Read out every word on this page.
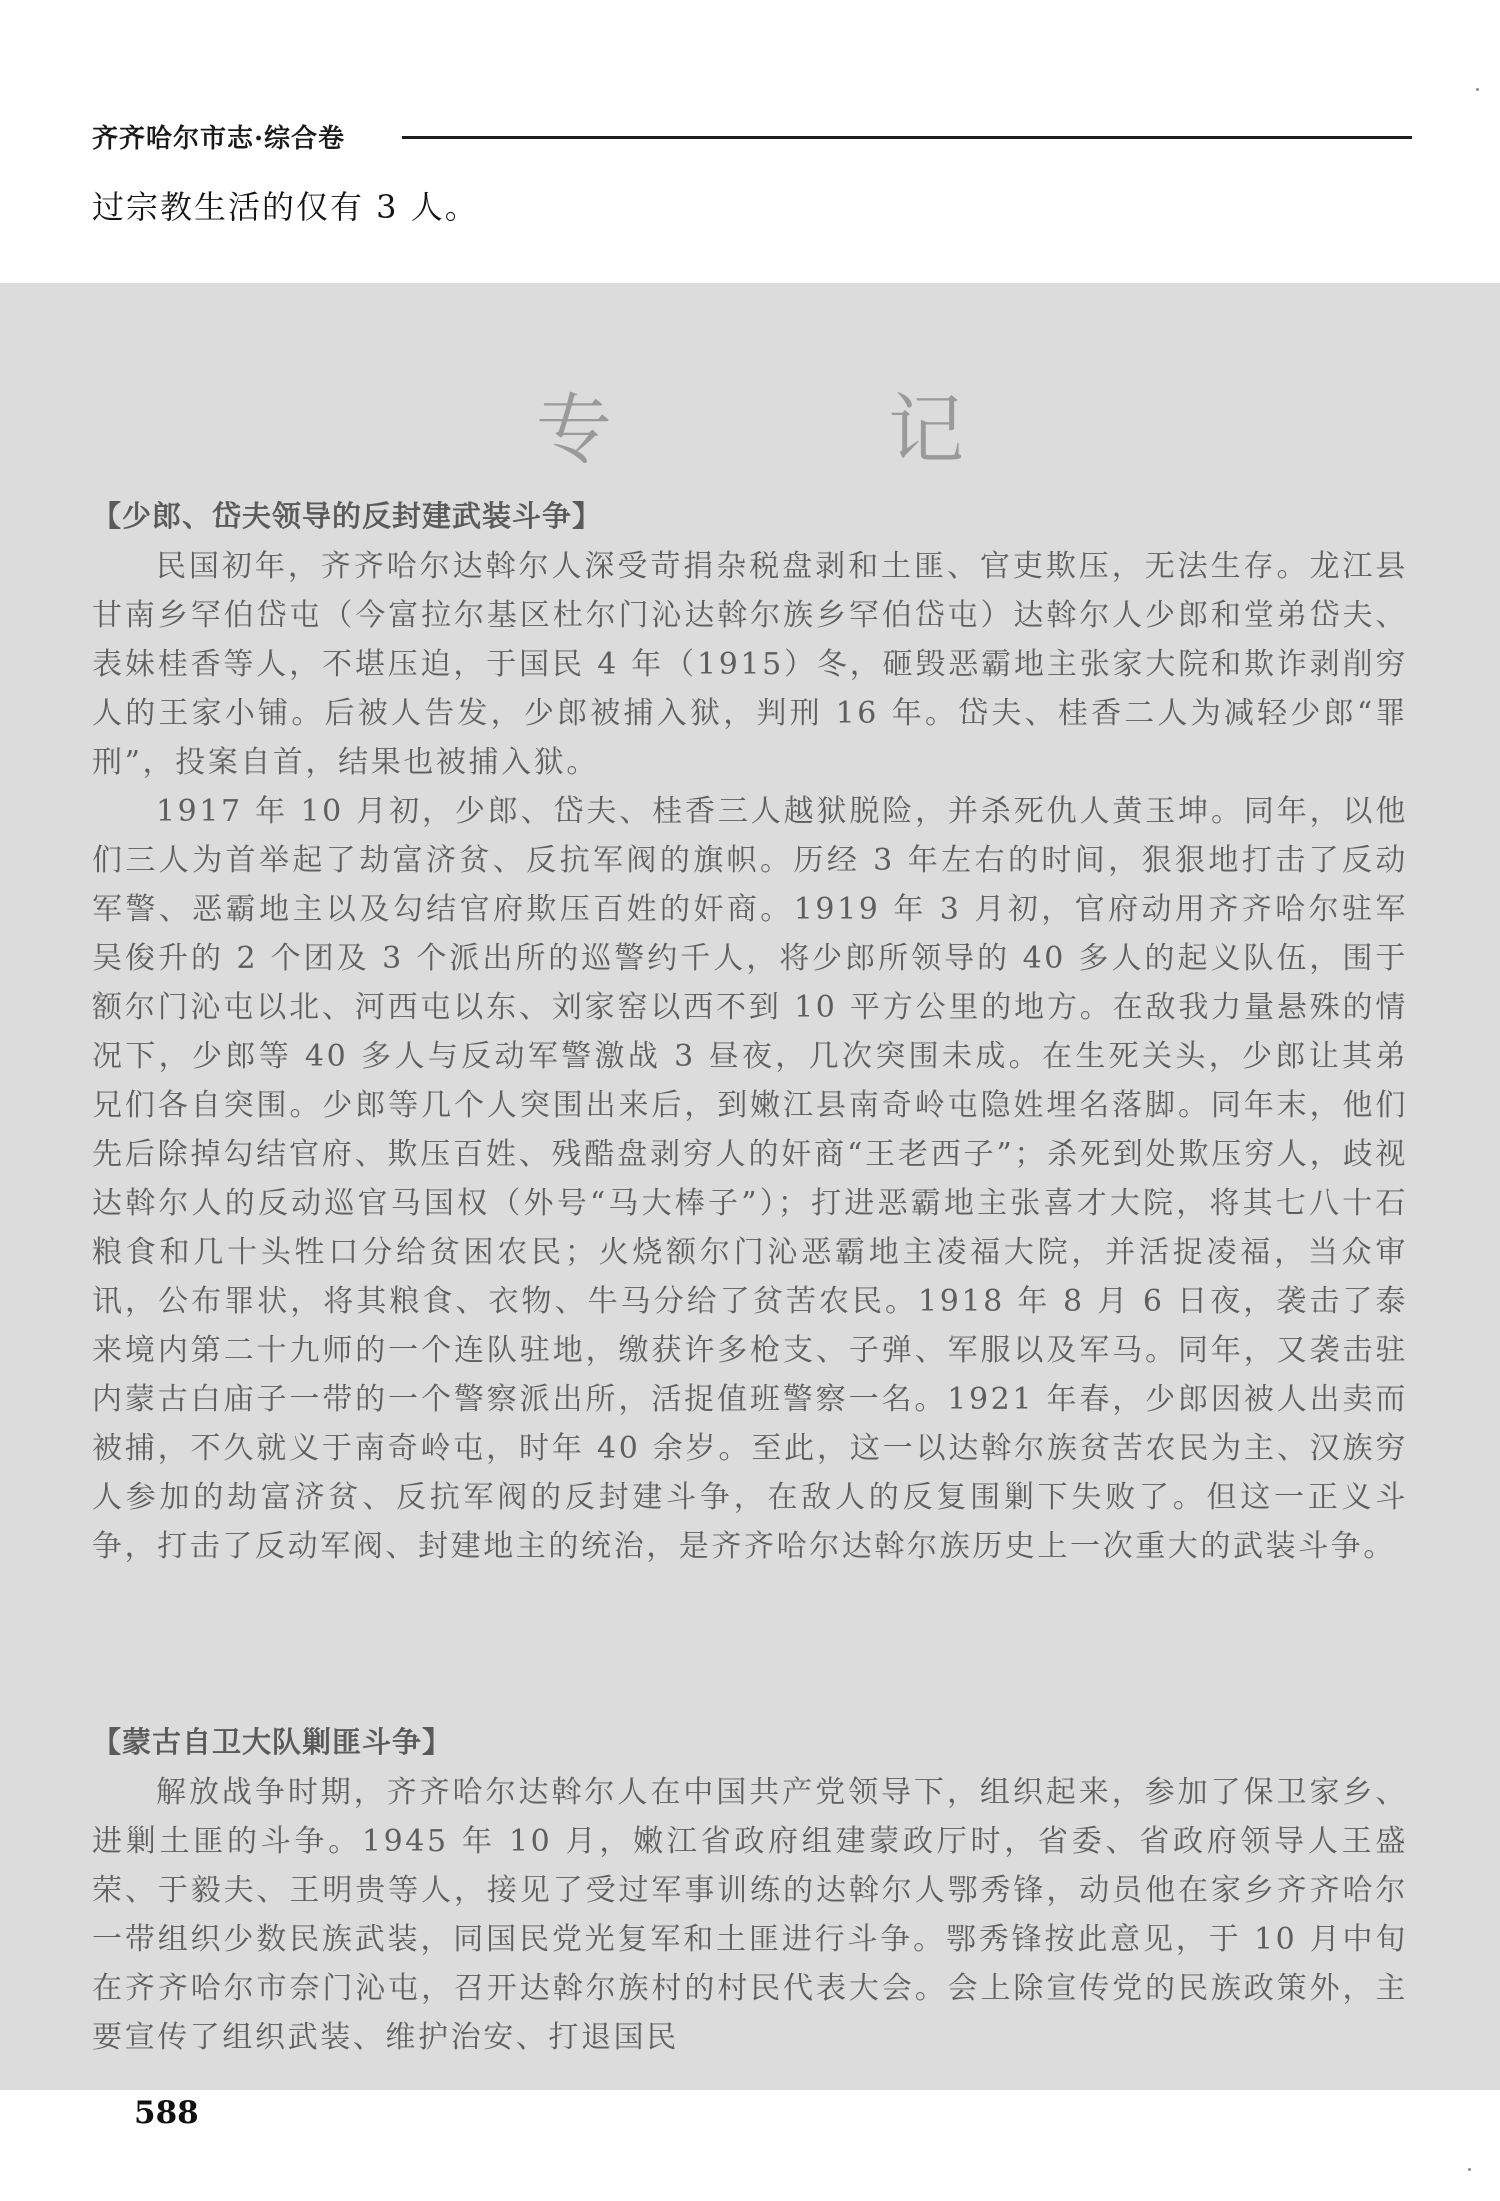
齐齐哈尔市志·综合卷
过宗教生活的仅有 3 人。
专　记
【少郎、岱夫领导的反封建武装斗争】

民国初年，齐齐哈尔达斡尔人深受苛捐杂税盘剥和土匪、官吏欺压，无法生存。龙江县甘南乡罕伯岱屯（今富拉尔基区杜尔门沁达斡尔族乡罕伯岱屯）达斡尔人少郎和堂弟岱夫、表妹桂香等人，不堪压迫，于国民 4 年（1915）冬，砸毁恶霸地主张家大院和欺诈剥削穷人的王家小铺。后被人告发，少郎被捕入狱，判刑 16 年。岱夫、桂香二人为减轻少郎“罪刑”，投案自首，结果也被捕入狱。

1917 年 10 月初，少郎、岱夫、桂香三人越狱脱险，并杀死仇人黄玉坤。同年，以他们三人为首举起了劫富济贫、反抗军阀的旗帜。历经 3 年左右的时间，狠狠地打击了反动军警、恶霸地主以及勾结官府欺压百姓的奸商。1919 年 3 月初，官府动用齐齐哈尔驻军吴俊升的 2 个团及 3 个派出所的巡警约千人，将少郎所领导的 40 多人的起义队伍，围于额尔门沁屯以北、河西屯以东、刘家窑以西不到 10 平方公里的地方。在敌我力量悬殊的情况下，少郎等 40 多人与反动军警激战 3 昼夜，几次突围未成。在生死关头，少郎让其弟兄们各自突围。少郎等几个人突围出来后，到嫩江县南奇岭屯隐姓埋名落脚。同年末，他们先后除掉勾结官府、欺压百姓、残酷盘剥穷人的奸商“王老西子”；杀死到处欺压穷人，歧视达斡尔人的反动巡官马国权（外号“马大棒子”）；打进恶霸地主张喜才大院，将其七八十石粮食和几十头牲口分给贫困农民；火烧额尔门沁恶霸地主凌福大院，并活捉凌福，当众审讯，公布罪状，将其粮食、衣物、牛马分给了贫苦农民。1918 年 8 月 6 日夜，袭击了泰来境内第二十九师的一个连队驻地，缴获许多枪支、子弹、军服以及军马。同年，又袭击驻内蒙古白庙子一带的一个警察派出所，活捉值班警察一名。1921 年春，少郎因被人出卖而被捕，不久就义于南奇岭屯，时年 40 余岁。至此，这一以达斡尔族贫苦农民为主、汉族穷人参加的劫富济贫、反抗军阀的反封建斗争，在敌人的反复围剿下失败了。但这一正义斗争，打击了反动军阀、封建地主的统治，是齐齐哈尔达斡尔族历史上一次重大的武装斗争。

【蒙古自卫大队剿匪斗争】

解放战争时期，齐齐哈尔达斡尔人在中国共产党领导下，组织起来，参加了保卫家乡、进剿土匪的斗争。1945 年 10 月，嫩江省政府组建蒙政厅时，省委、省政府领导人王盛荣、于毅夫、王明贵等人，接见了受过军事训练的达斡尔人鄂秀锋，动员他在家乡齐齐哈尔一带组织少数民族武装，同国民党光复军和土匪进行斗争。鄂秀锋按此意见，于 10 月中旬在齐齐哈尔市奈门沁屯，召开达斡尔族村的村民代表大会。会上除宣传党的民族政策外，主要宣传了组织武装、维护治安、打退国民

588
